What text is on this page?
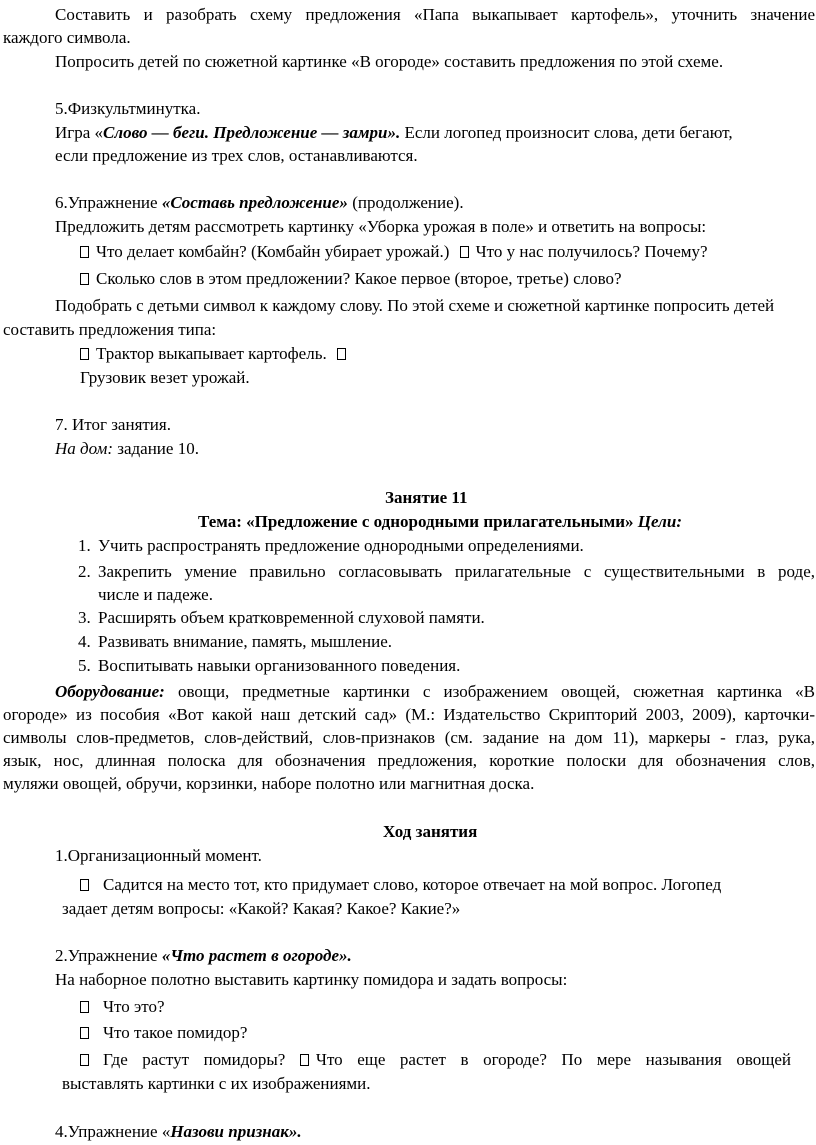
Составить и разобрать схему предложения «Папа выкапывает картофель», уточнить значение
каждого символа.
Попросить детей по сюжетной картинке «В огороде» составить предложения по этой схеме.
5.Физкультминутка.
Игра «Слово — беги. Предложение — замри». Если логопед произносит слова, дети бегают,
если предложение из трех слов, останавливаются.
6.Упражнение «Составь предложение» (продолжение).
Предложить детям рассмотреть картинку «Уборка урожая в поле» и ответить на вопросы:
Что делает комбайн? (Комбайн убирает урожай.) Что у нас получилось? Почему?
Сколько слов в этом предложении? Какое первое (второе, третье) слово?
Подобрать с детьми символ к каждому слову. По этой схеме и сюжетной картинке попросить детей
составить предложения типа:
Трактор выкапывает картофель.
Грузовик везет урожай.
7. Итог занятия.
На дом: задание 10.
Занятие 11
Тема: «Предложение с однородными прилагательными» Цели:
1. Учить распространять предложение однородными определениями.
2. Закрепить умение правильно согласовывать прилагательные с существительными в роде,
числе и падеже.
3. Расширять объем кратковременной слуховой памяти.
4. Развивать внимание, память, мышление.
5. Воспитывать навыки организованного поведения.
Оборудование: овощи, предметные картинки с изображением овощей, сюжетная картинка «В
огороде» из пособия «Вот какой наш детский сад» (М.: Издательство Скрипторий 2003, 2009), карточки-
символы слов-предметов, слов-действий, слов-признаков (см. задание на дом 11), маркеры - глаз, рука,
язык, нос, длинная полоска для обозначения предложения, короткие полоски для обозначения слов,
муляжи овощей, обручи, корзинки, наборе полотно или магнитная доска.
Ход занятия
1.Организационный момент.
Садится на место тот, кто придумает слово, которое отвечает на мой вопрос. Логопед
задает детям вопросы: «Какой? Какая? Какое? Какие?»
2.Упражнение «Что растет в огороде».
На наборное полотно выставить картинку помидора и задать вопросы:
Что это?
Что такое помидор?
Где растут помидоры? Что еще растет в огороде? По мере называния овощей
выставлять картинки с их изображениями.
4.Упражнение «Назови признак».
